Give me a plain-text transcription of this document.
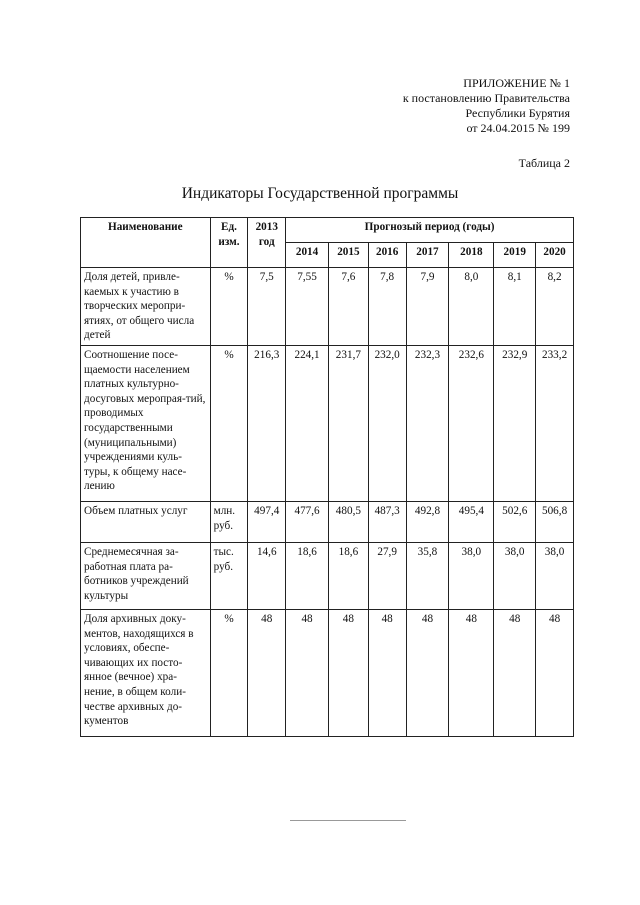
ПРИЛОЖЕНИЕ № 1
к постановлению Правительства
Республики Бурятия
от 24.04.2015 № 199
Таблица 2
Индикаторы Государственной программы
Наименование	Ед. изм.	2013 год	Прогнозый период (годы)						
			2014	2015	2016	2017	2018	2019	2020
Доля детей, привле-каемых к участию в творческих меропри-ятиях, от общего числа детей	%	7,5	7,55	7,6	7,8	7,9	8,0	8,1	8,2
Соотношение посе-щаемости населением платных культурно-досуговых меропрая-тий, проводимых государственными (муниципальными) учреждениями куль-туры, к общему насе-лению	%	216,3	224,1	231,7	232,0	232,3	232,6	232,9	233,2
Объем платных услуг	млн. руб.	497,4	477,6	480,5	487,3	492,8	495,4	502,6	506,8
Среднемесячная за-работная плата ра-ботников учреждений культуры	тыс. руб.	14,6	18,6	18,6	27,9	35,8	38,0	38,0	38,0
Доля архивных доку-ментов, находящихся в условиях, обеспе-чивающих их посто-янное (вечное) хра-нение, в общем коли-честве архивных до-кументов	%	48	48	48	48	48	48	48	48
